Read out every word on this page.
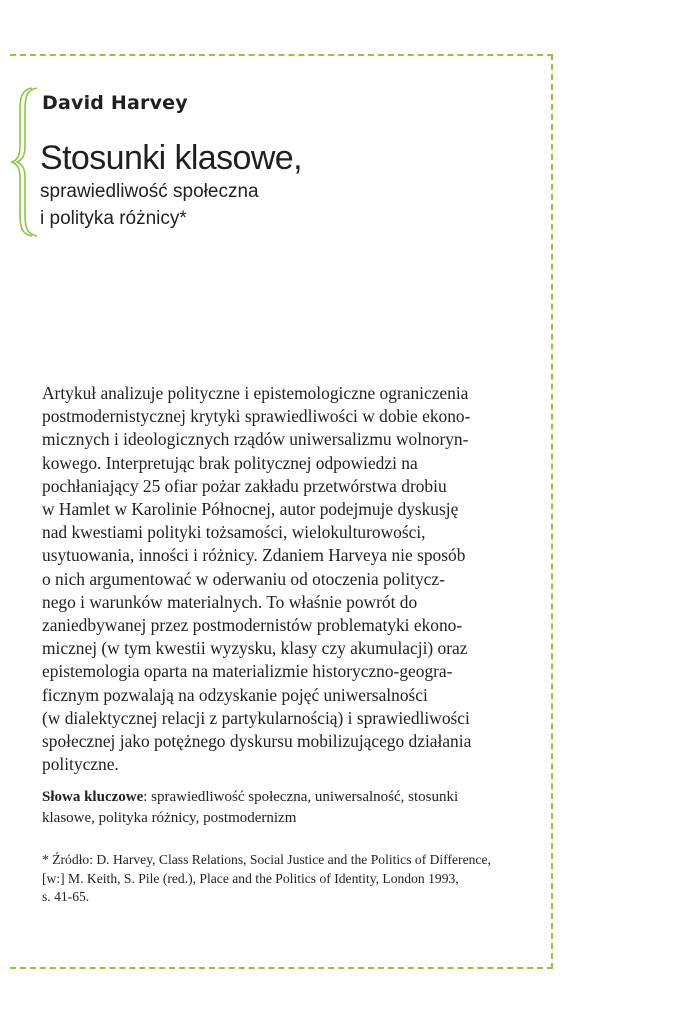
David Harvey
Stosunki klasowe,
sprawiedliwość społeczna
i polityka różnicy*
Artykuł analizuje polityczne i epistemologiczne ograniczenia
postmodernistycznej krytyki sprawiedliwości w dobie ekono-
micznych i ideologicznych rządów uniwersalizmu wolnoryn-
kowego. Interpretując brak politycznej odpowiedzi na
pochłaniający 25 ofiar pożar zakładu przetwórstwa drobiu
w Hamlet w Karolinie Północnej, autor podejmuje dyskusję
nad kwestiami polityki tożsamości, wielokulturowości,
usytuowania, inności i różnicy. Zdaniem Harveya nie sposób
o nich argumentować w oderwaniu od otoczenia politycz-
nego i warunków materialnych. To właśnie powrót do
zaniedbywanej przez postmodernistów problematyki ekono-
micznej (w tym kwestii wyzysku, klasy czy akumulacji) oraz
epistemologia oparta na materializmie historyczno-geogra-
ficznym pozwalają na odzyskanie pojęć uniwersalności
(w dialektycznej relacji z partykularnością) i sprawiedliwości
społecznej jako potężnego dyskursu mobilizującego działania
polityczne.
Słowa kluczowe: sprawiedliwość społeczna, uniwersalność, stosunki
klasowe, polityka różnicy, postmodernizm
* Źródło: D. Harvey, Class Relations, Social Justice and the Politics of Difference,
[w:] M. Keith, S. Pile (red.), Place and the Politics of Identity, London 1993,
s. 41-65.
